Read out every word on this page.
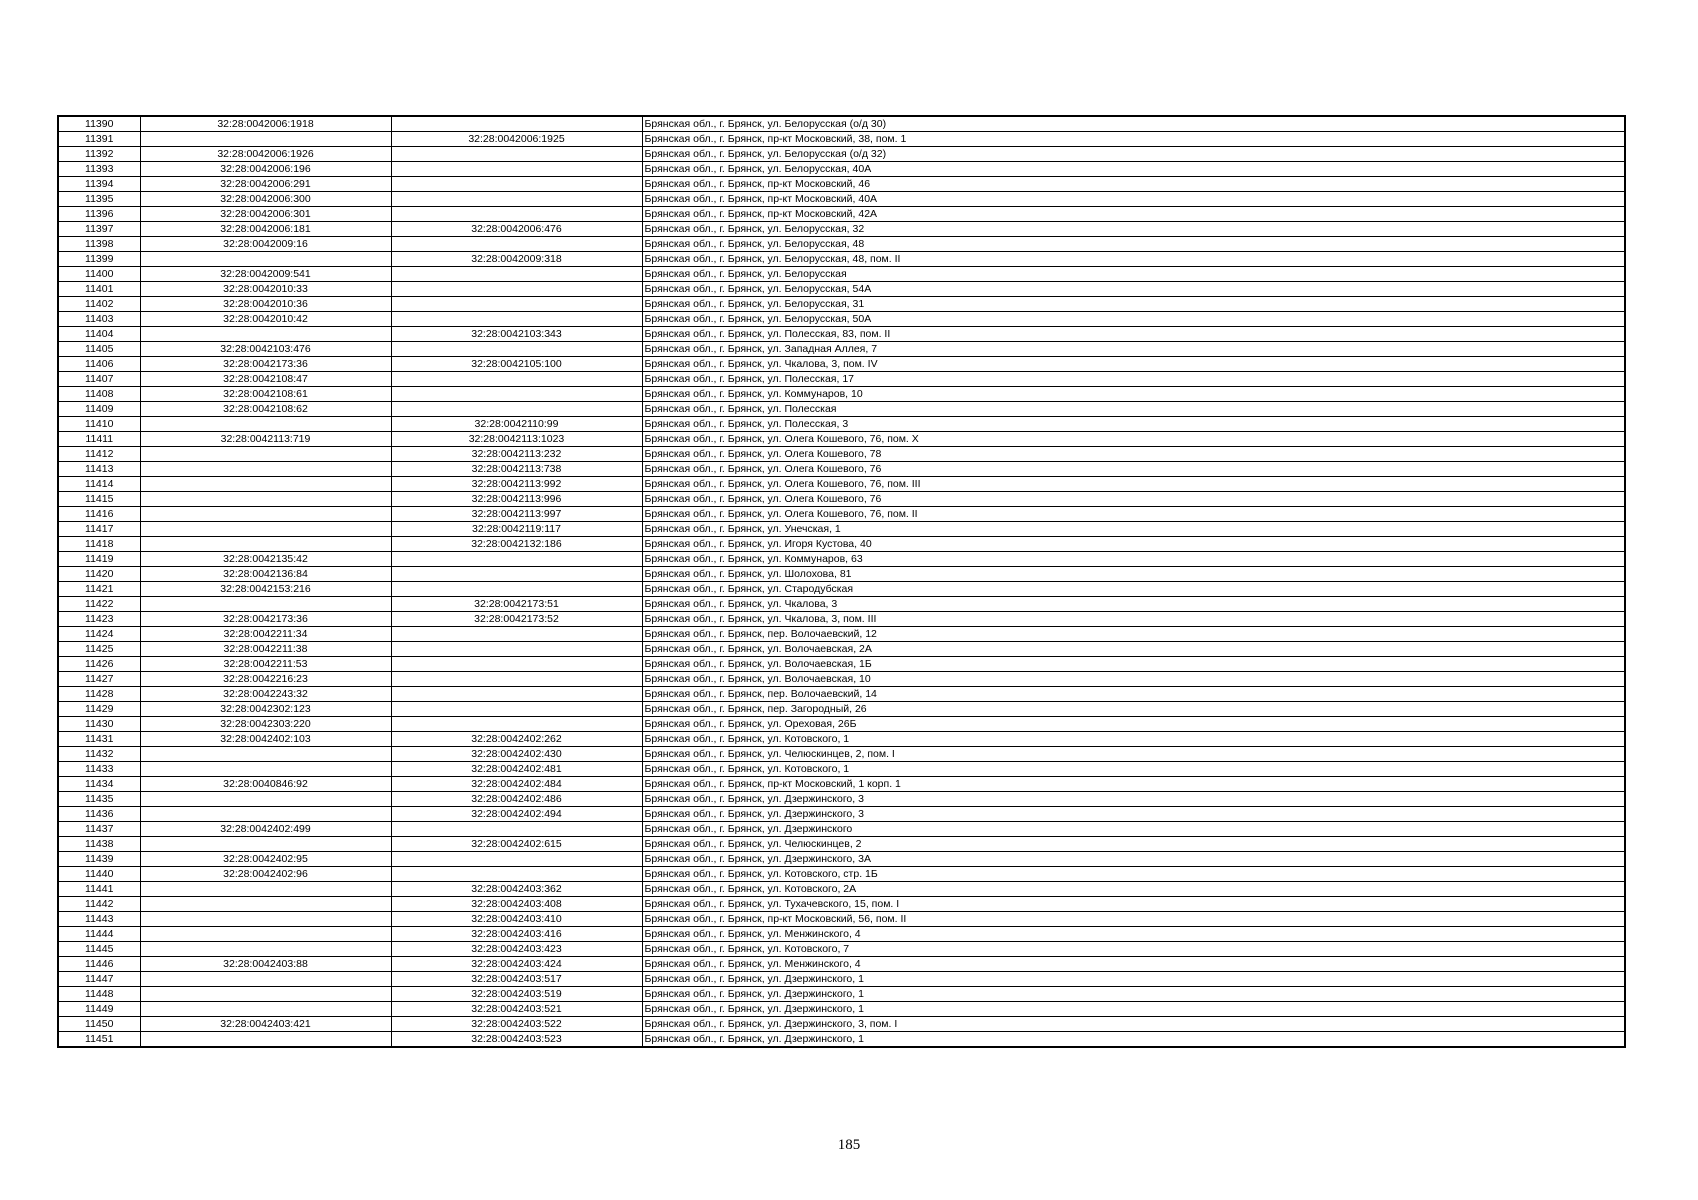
11390	32:28:0042006:1918		Брянская обл., г. Брянск, ул. Белорусская (о/д 30)
11391		32:28:0042006:1925	Брянская обл., г. Брянск, пр-кт Московский, 38, пом. 1
11392	32:28:0042006:1926		Брянская обл., г. Брянск, ул. Белорусская (о/д 32)
11393	32:28:0042006:196		Брянская обл., г. Брянск, ул. Белорусская, 40А
11394	32:28:0042006:291		Брянская обл., г. Брянск, пр-кт Московский, 46
11395	32:28:0042006:300		Брянская обл., г. Брянск, пр-кт Московский, 40А
11396	32:28:0042006:301		Брянская обл., г. Брянск, пр-кт Московский, 42А
11397	32:28:0042006:181	32:28:0042006:476	Брянская обл., г. Брянск, ул. Белорусская, 32
11398	32:28:0042009:16		Брянская обл., г. Брянск, ул. Белорусская, 48
11399		32:28:0042009:318	Брянская обл., г. Брянск, ул. Белорусская, 48, пом. II
11400	32:28:0042009:541		Брянская обл., г. Брянск, ул. Белорусская
11401	32:28:0042010:33		Брянская обл., г. Брянск, ул. Белорусская, 54А
11402	32:28:0042010:36		Брянская обл., г. Брянск, ул. Белорусская, 31
11403	32:28:0042010:42		Брянская обл., г. Брянск, ул. Белорусская, 50А
11404		32:28:0042103:343	Брянская обл., г. Брянск, ул. Полесская, 83, пом. II
11405	32:28:0042103:476		Брянская обл., г. Брянск, ул. Западная Аллея, 7
11406	32:28:0042173:36	32:28:0042105:100	Брянская обл., г. Брянск, ул. Чкалова, 3, пом. IV
11407	32:28:0042108:47		Брянская обл., г. Брянск, ул. Полесская, 17
11408	32:28:0042108:61		Брянская обл., г. Брянск, ул. Коммунаров, 10
11409	32:28:0042108:62		Брянская обл., г. Брянск, ул. Полесская
11410		32:28:0042110:99	Брянская обл., г. Брянск, ул. Полесская, 3
11411	32:28:0042113:719	32:28:0042113:1023	Брянская обл., г. Брянск, ул. Олега Кошевого, 76, пом. X
11412		32:28:0042113:232	Брянская обл., г. Брянск, ул. Олега Кошевого, 78
11413		32:28:0042113:738	Брянская обл., г. Брянск, ул. Олега Кошевого, 76
11414		32:28:0042113:992	Брянская обл., г. Брянск, ул. Олега Кошевого, 76, пом. III
11415		32:28:0042113:996	Брянская обл., г. Брянск, ул. Олега Кошевого, 76
11416		32:28:0042113:997	Брянская обл., г. Брянск, ул. Олега Кошевого, 76, пом. II
11417		32:28:0042119:117	Брянская обл., г. Брянск, ул. Унечская, 1
11418		32:28:0042132:186	Брянская обл., г. Брянск, ул. Игоря Кустова, 40
11419	32:28:0042135:42		Брянская обл., г. Брянск, ул. Коммунаров, 63
11420	32:28:0042136:84		Брянская обл., г. Брянск, ул. Шолохова, 81
11421	32:28:0042153:216		Брянская обл., г. Брянск, ул. Стародубская
11422		32:28:0042173:51	Брянская обл., г. Брянск, ул. Чкалова, 3
11423	32:28:0042173:36	32:28:0042173:52	Брянская обл., г. Брянск, ул. Чкалова, 3, пом. III
11424	32:28:0042211:34		Брянская обл., г. Брянск, пер. Волочаевский, 12
11425	32:28:0042211:38		Брянская обл., г. Брянск, ул. Волочаевская, 2А
11426	32:28:0042211:53		Брянская обл., г. Брянск, ул. Волочаевская, 1Б
11427	32:28:0042216:23		Брянская обл., г. Брянск, ул. Волочаевская, 10
11428	32:28:0042243:32		Брянская обл., г. Брянск, пер. Волочаевский, 14
11429	32:28:0042302:123		Брянская обл., г. Брянск, пер. Загородный, 26
11430	32:28:0042303:220		Брянская обл., г. Брянск, ул. Ореховая, 26Б
11431	32:28:0042402:103	32:28:0042402:262	Брянская обл., г. Брянск, ул. Котовского, 1
11432		32:28:0042402:430	Брянская обл., г. Брянск, ул. Челюскинцев, 2, пом. I
11433		32:28:0042402:481	Брянская обл., г. Брянск, ул. Котовского, 1
11434	32:28:0040846:92	32:28:0042402:484	Брянская обл., г. Брянск, пр-кт Московский, 1 корп. 1
11435		32:28:0042402:486	Брянская обл., г. Брянск, ул. Дзержинского, 3
11436		32:28:0042402:494	Брянская обл., г. Брянск, ул. Дзержинского, 3
11437	32:28:0042402:499		Брянская обл., г. Брянск, ул. Дзержинского
11438		32:28:0042402:615	Брянская обл., г. Брянск, ул. Челюскинцев, 2
11439	32:28:0042402:95		Брянская обл., г. Брянск, ул. Дзержинского, 3А
11440	32:28:0042402:96		Брянская обл., г. Брянск, ул. Котовского, стр. 1Б
11441		32:28:0042403:362	Брянская обл., г. Брянск, ул. Котовского, 2А
11442		32:28:0042403:408	Брянская обл., г. Брянск, ул. Тухачевского, 15, пом. I
11443		32:28:0042403:410	Брянская обл., г. Брянск, пр-кт Московский, 56, пом. II
11444		32:28:0042403:416	Брянская обл., г. Брянск, ул. Менжинского, 4
11445		32:28:0042403:423	Брянская обл., г. Брянск, ул. Котовского, 7
11446	32:28:0042403:88	32:28:0042403:424	Брянская обл., г. Брянск, ул. Менжинского, 4
11447		32:28:0042403:517	Брянская обл., г. Брянск, ул. Дзержинского, 1
11448		32:28:0042403:519	Брянская обл., г. Брянск, ул. Дзержинского, 1
11449		32:28:0042403:521	Брянская обл., г. Брянск, ул. Дзержинского, 1
11450	32:28:0042403:421	32:28:0042403:522	Брянская обл., г. Брянск, ул. Дзержинского, 3, пом. I
11451		32:28:0042403:523	Брянская обл., г. Брянск, ул. Дзержинского, 1
185
